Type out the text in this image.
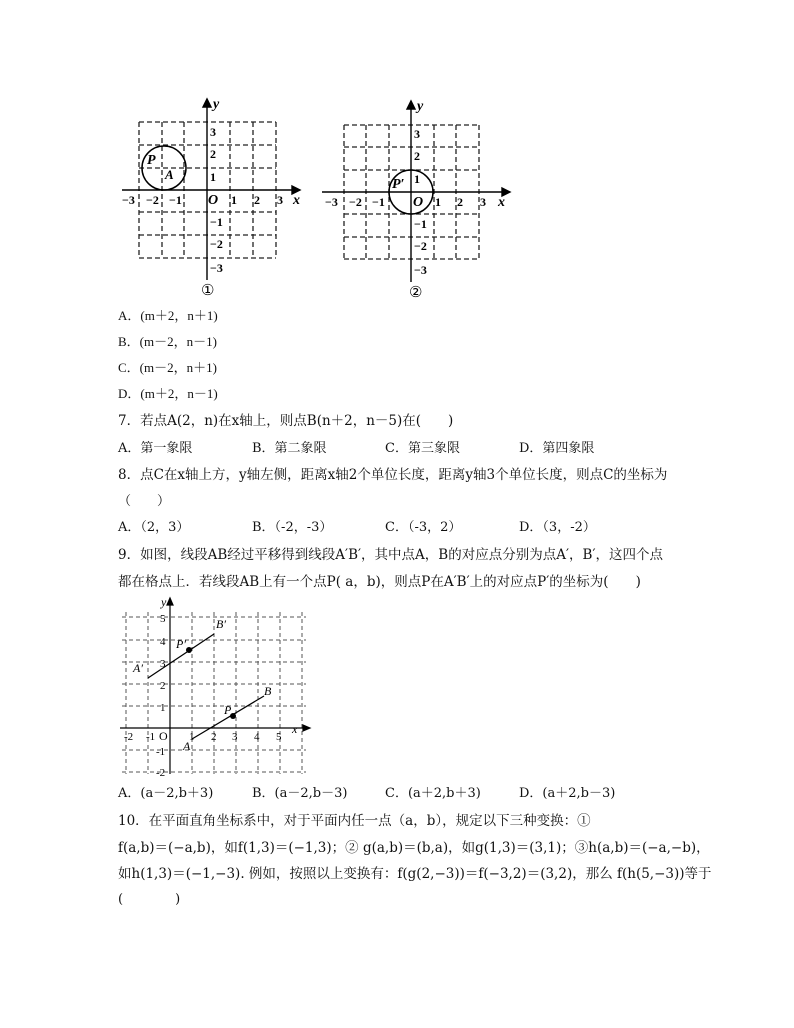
P
A
x
y
O
−3 −2 −1	1 2 3
3
2
1
−1
−2
−3
①
P′
x
y
O
−3 −2 −1	1 2 3
3
2
1
−1
−2
−3
②
A．(m＋2，n＋1)
B．(m－2，n－1)
C．(m－2，n＋1)
D．(m＋2，n－1)
7．若点A(2，n)在x轴上，则点B(n＋2，n－5)在(　　)
A．第一象限	B．第二象限	C．第三象限	D．第四象限
8．点C在x轴上方，y轴左侧，距离x轴2个单位长度，距离y轴3个单位长度，则点C的坐标为
（　　）
A．（2，3）	B．（-2，-3）	C．（-3，2）	D．（3，-2）
9．如图，线段AB经过平移得到线段A′B′，其中点A，B的对应点分别为点A′，B′，这四个点
都在格点上．若线段AB上有一个点P( a，b)，则点P在A′B′上的对应点P′的坐标为(　　)
A′
B′
P′
P
B
A
x
y
O
-2 -1	1 2 3 4 5
5
4
3
2
1
-1
-2
A．(a－2,b＋3)	B．(a－2,b－3)	C．(a＋2,b＋3)	D．(a＋2,b－3)
10．在平面直角坐标系中，对于平面内任一点（a，b），规定以下三种变换：①
f(a,b)＝(−a,b)，如f(1,3)＝(−1,3)；② g(a,b)＝(b,a)，如g(1,3)＝(3,1)；③h(a,b)＝(−a,−b)，
如h(1,3)＝(−1,−3). 例如，按照以上变换有：f(g(2,−3))＝f(−3,2)＝(3,2)，那么 f(h(5,−3))等于
(　　　　)
